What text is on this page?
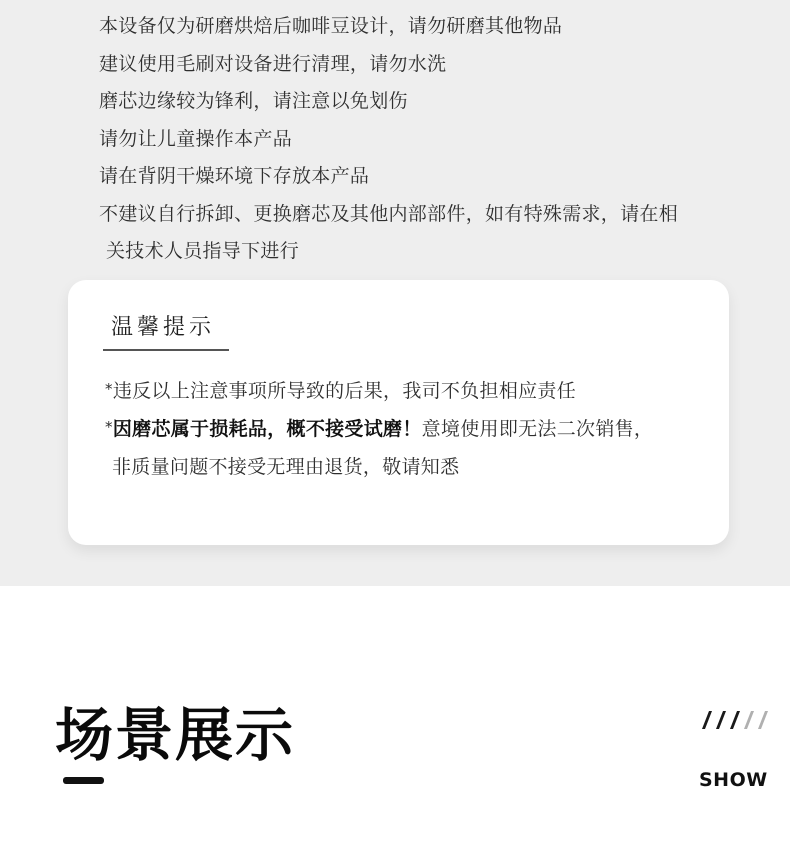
本设备仅为研磨烘焙后咖啡豆设计，请勿研磨其他物品
建议使用毛刷对设备进行清理，请勿水洗
磨芯边缘较为锋利，请注意以免划伤
请勿让儿童操作本产品
请在背阴干燥环境下存放本产品
不建议自行拆卸、更换磨芯及其他内部部件，如有特殊需求，请在相
关技术人员指导下进行
温馨提示
*违反以上注意事项所导致的后果，我司不负担相应责任
*因磨芯属于损耗品，概不接受试磨！意境使用即无法二次销售，
非质量问题不接受无理由退货，敬请知悉
场景展示
SHOW
